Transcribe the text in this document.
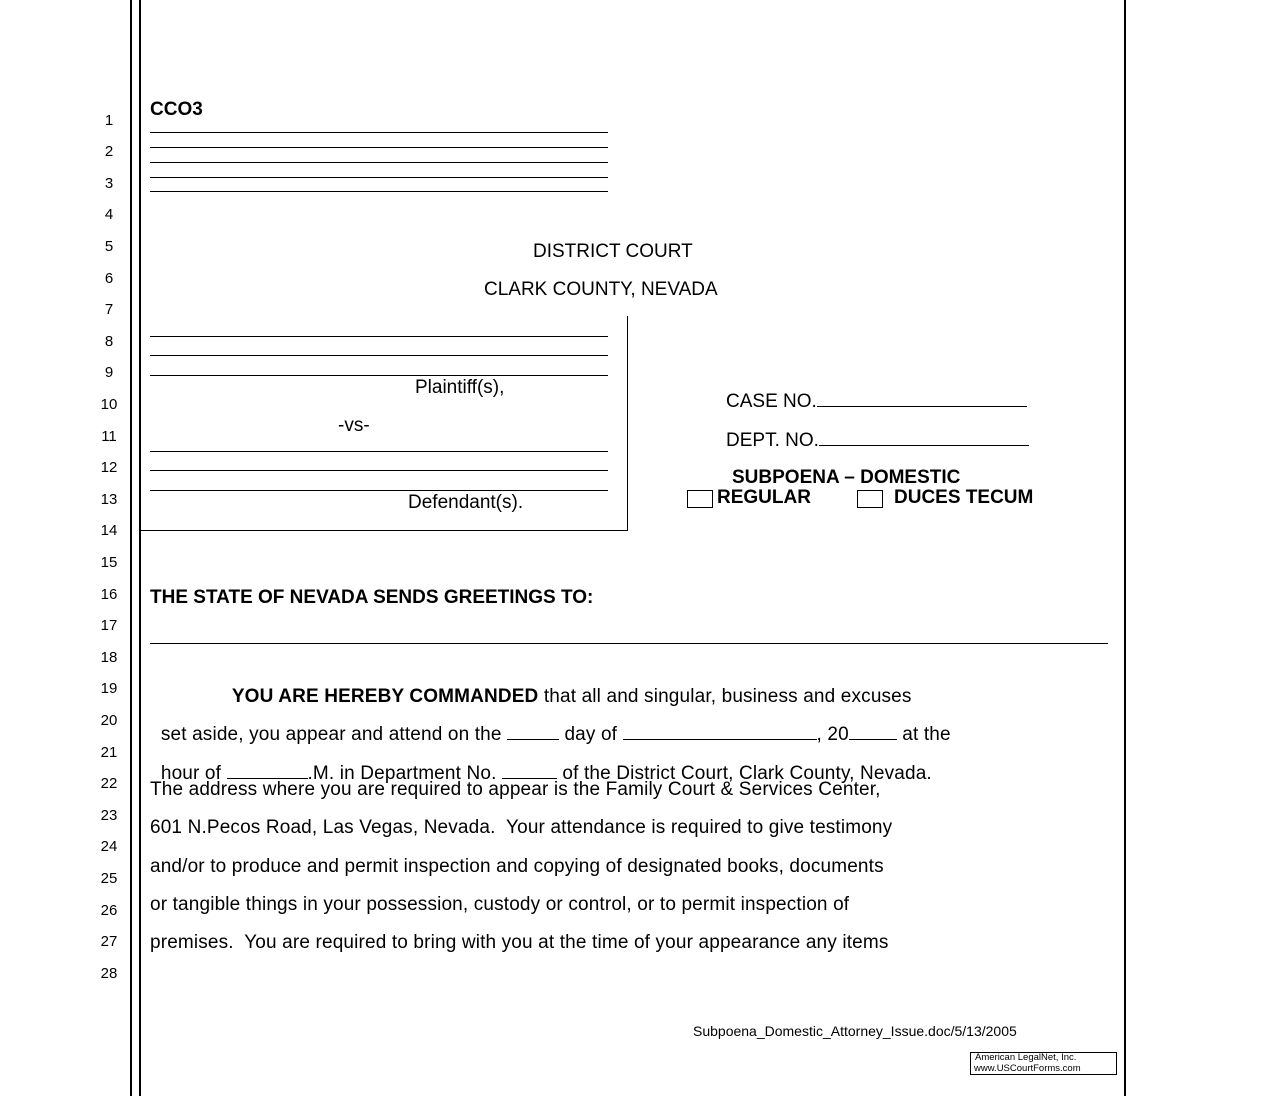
1
2
3
4
5
6
7
8
9
10
11
12
13
14
15
16
17
18
19
20
21
22
23
24
25
26
27
28
CCO3
DISTRICT COURT
CLARK COUNTY, NEVADA
Plaintiff(s),
-vs-
Defendant(s).
CASE NO.
DEPT. NO.
SUBPOENA – DOMESTIC
REGULAR	DUCES TECUM
THE STATE OF NEVADA SENDS GREETINGS TO:

YOU ARE HEREBY COMMANDED that all and singular, business and excuses

set aside, you appear and attend on the	day of	, 20	at the

hour of	.M. in Department No.	of the District Court, Clark County, Nevada.

The address where you are required to appear is the Family Court & Services Center,
601 N.Pecos Road, Las Vegas, Nevada.  Your attendance is required to give testimony
and/or to produce and permit inspection and copying of designated books, documents
or tangible things in your possession, custody or control, or to permit inspection of
premises.  You are required to bring with you at the time of your appearance any items
Subpoena_Domestic_Attorney_Issue.doc/5/13/2005
American LegalNet, Inc.
www.USCourtForms.com
